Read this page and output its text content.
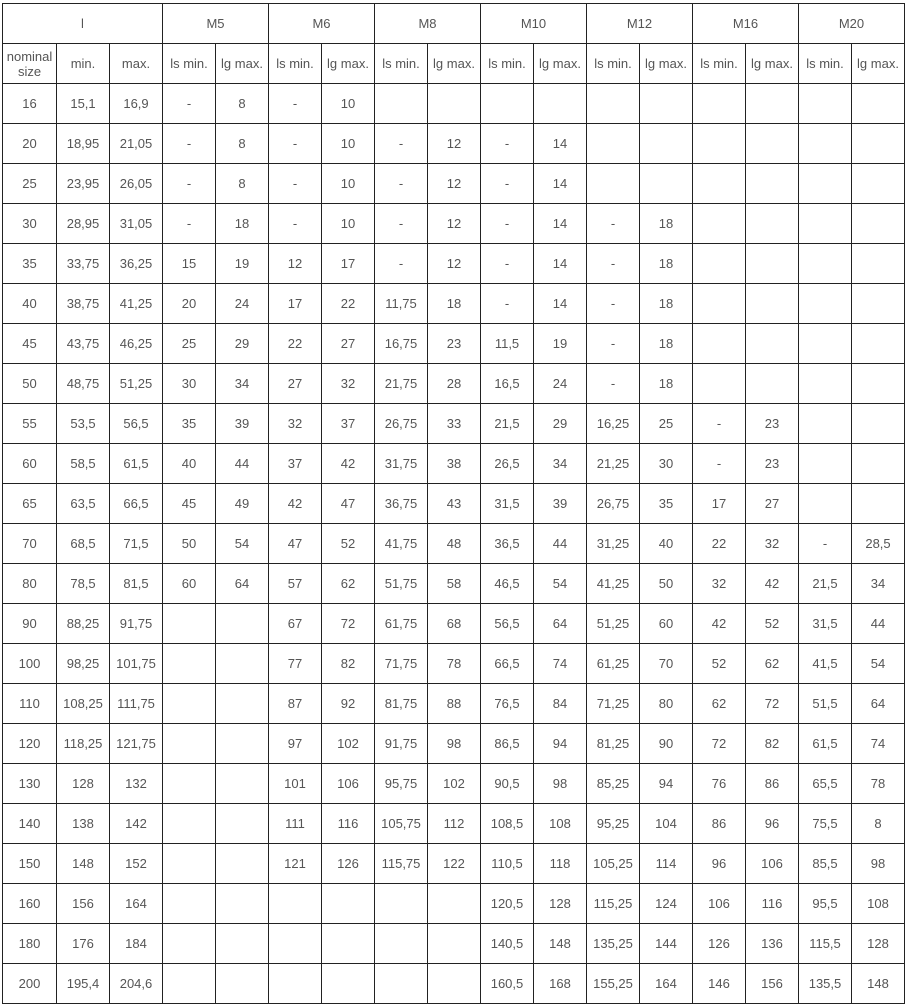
l			M5		M6		M8		M10		M12		M16		M20	
nominal size	min.	max.	ls min.	lg max.	ls min.	lg max.	ls min.	lg max.	ls min.	lg max.	ls min.	lg max.	ls min.	lg max.	ls min.	lg max.
16	15,1	16,9	-	8	-	10										
20	18,95	21,05	-	8	-	10	-	12	-	14						
25	23,95	26,05	-	8	-	10	-	12	-	14						
30	28,95	31,05	-	18	-	10	-	12	-	14	-	18				
35	33,75	36,25	15	19	12	17	-	12	-	14	-	18				
40	38,75	41,25	20	24	17	22	11,75	18	-	14	-	18				
45	43,75	46,25	25	29	22	27	16,75	23	11,5	19	-	18				
50	48,75	51,25	30	34	27	32	21,75	28	16,5	24	-	18				
55	53,5	56,5	35	39	32	37	26,75	33	21,5	29	16,25	25	-	23		
60	58,5	61,5	40	44	37	42	31,75	38	26,5	34	21,25	30	-	23		
65	63,5	66,5	45	49	42	47	36,75	43	31,5	39	26,75	35	17	27		
70	68,5	71,5	50	54	47	52	41,75	48	36,5	44	31,25	40	22	32	-	28,5
80	78,5	81,5	60	64	57	62	51,75	58	46,5	54	41,25	50	32	42	21,5	34
90	88,25	91,75			67	72	61,75	68	56,5	64	51,25	60	42	52	31,5	44
100	98,25	101,75			77	82	71,75	78	66,5	74	61,25	70	52	62	41,5	54
110	108,25	111,75			87	92	81,75	88	76,5	84	71,25	80	62	72	51,5	64
120	118,25	121,75			97	102	91,75	98	86,5	94	81,25	90	72	82	61,5	74
130	128	132			101	106	95,75	102	90,5	98	85,25	94	76	86	65,5	78
140	138	142			111	116	105,75	112	108,5	108	95,25	104	86	96	75,5	8
150	148	152			121	126	115,75	122	110,5	118	105,25	114	96	106	85,5	98
160	156	164							120,5	128	115,25	124	106	116	95,5	108
180	176	184							140,5	148	135,25	144	126	136	115,5	128
200	195,4	204,6							160,5	168	155,25	164	146	156	135,5	148
